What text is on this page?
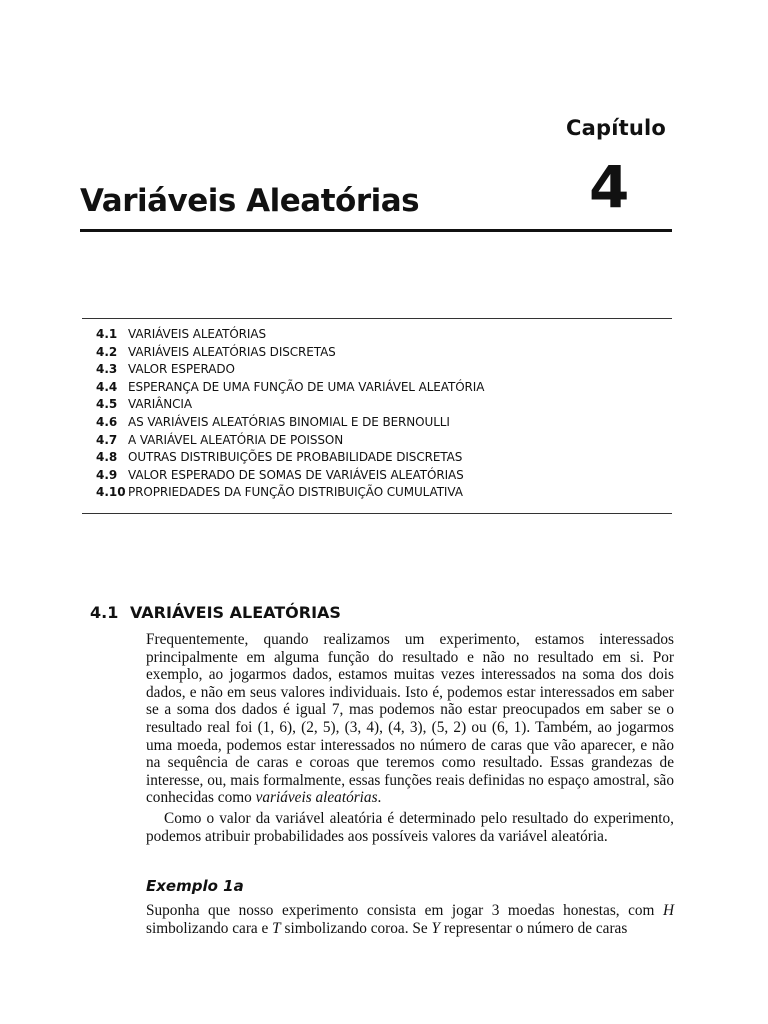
Capítulo
4
Variáveis Aleatórias
4.1 VARIÁVEIS ALEATÓRIAS
4.2 VARIÁVEIS ALEATÓRIAS DISCRETAS
4.3 VALOR ESPERADO
4.4 ESPERANÇA DE UMA FUNÇÃO DE UMA VARIÁVEL ALEATÓRIA
4.5 VARIÂNCIA
4.6 AS VARIÁVEIS ALEATÓRIAS BINOMIAL E DE BERNOULLI
4.7 A VARIÁVEL ALEATÓRIA DE POISSON
4.8 OUTRAS DISTRIBUIÇÕES DE PROBABILIDADE DISCRETAS
4.9 VALOR ESPERADO DE SOMAS DE VARIÁVEIS ALEATÓRIAS
4.10 PROPRIEDADES DA FUNÇÃO DISTRIBUIÇÃO CUMULATIVA
4.1 VARIÁVEIS ALEATÓRIAS

Frequentemente, quando realizamos um experimento, estamos interessados principalmente em alguma função do resultado e não no resultado em si. Por exemplo, ao jogarmos dados, estamos muitas vezes interessados na soma dos dois dados, e não em seus valores individuais. Isto é, podemos estar interessados em saber se a soma dos dados é igual 7, mas podemos não estar preocupados em saber se o resultado real foi (1, 6), (2, 5), (3, 4), (4, 3), (5, 2) ou (6, 1). Também, ao jogarmos uma moeda, podemos estar interessados no número de caras que vão aparecer, e não na sequência de caras e coroas que teremos como resultado. Essas grandezas de interesse, ou, mais formalmente, essas funções reais definidas no espaço amostral, são conhecidas como variáveis aleatórias.

Como o valor da variável aleatória é determinado pelo resultado do experimento, podemos atribuir probabilidades aos possíveis valores da variável aleatória.

Exemplo 1a

Suponha que nosso experimento consista em jogar 3 moedas honestas, com H simbolizando cara e T simbolizando coroa. Se Y representar o número de caras
